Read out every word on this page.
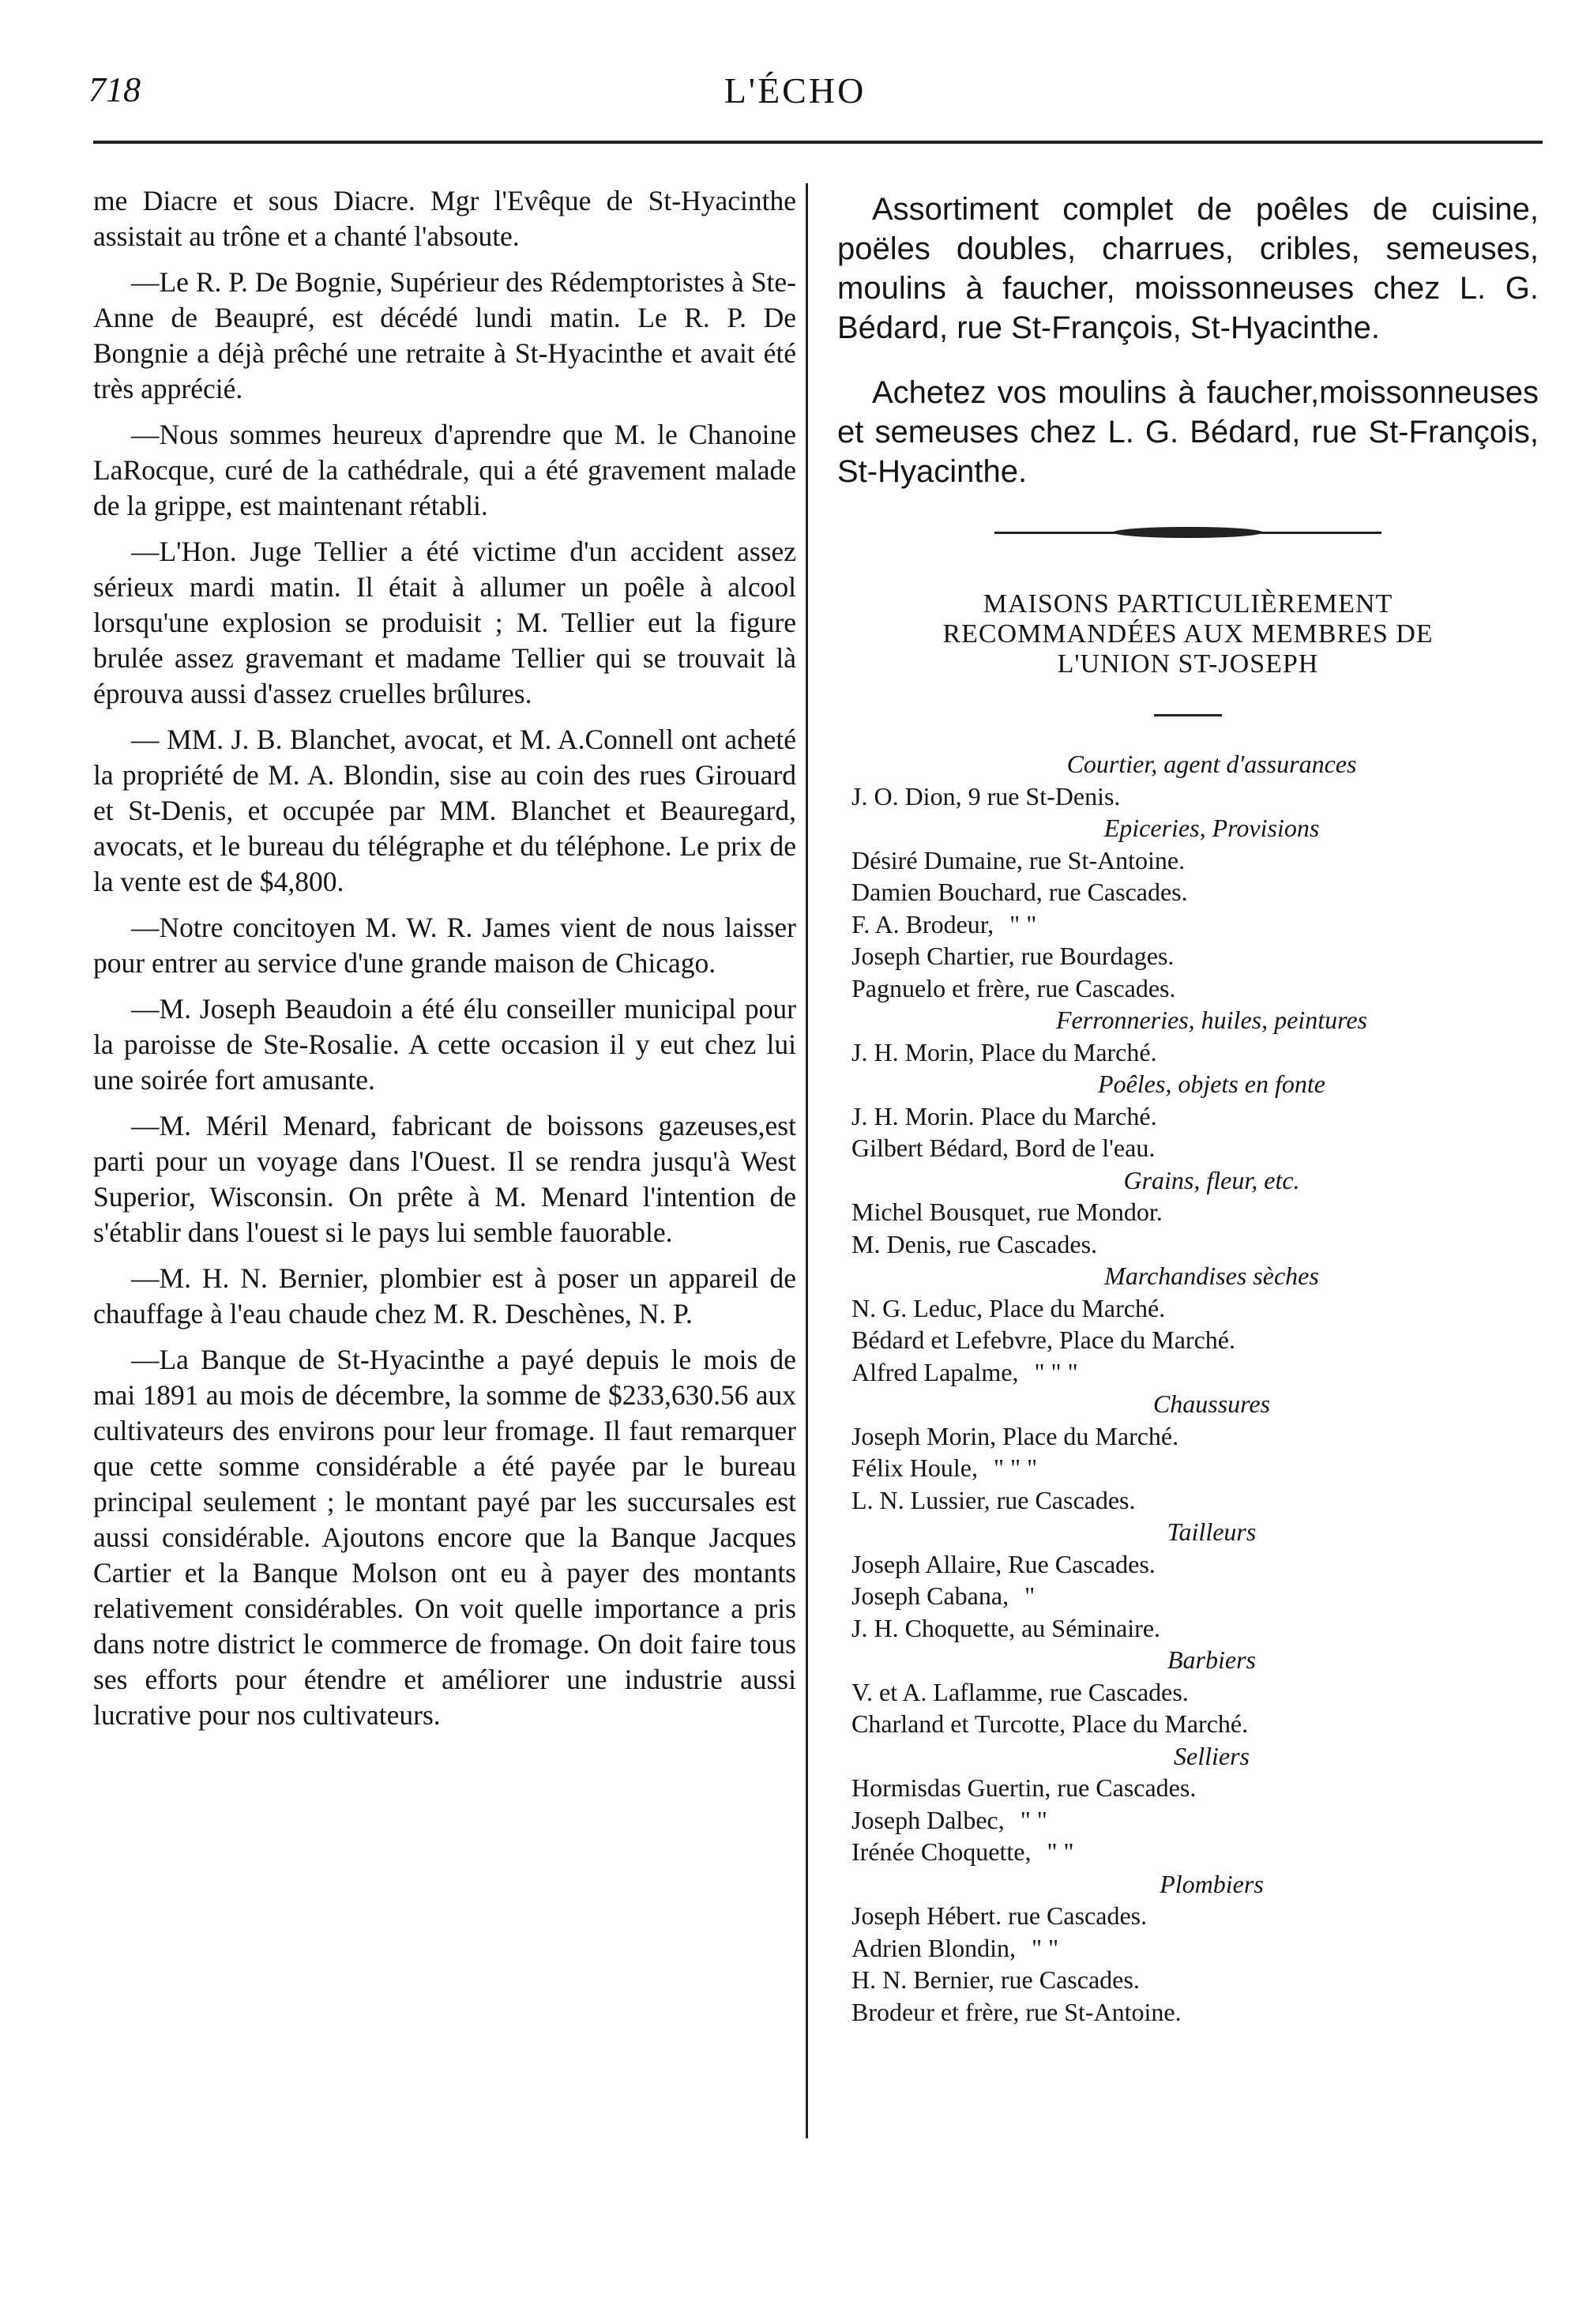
718	L'ÉCHO

me Diacre et sous Diacre. Mgr l'Evêque de St-Hyacinthe assistait au trône et a chanté l'absoute.

—Le R. P. De Bognie, Supérieur des Rédemptoristes à Ste-Anne de Beaupré, est décédé lundi matin. Le R. P. De Bongnie a déjà prêché une retraite à St-Hyacinthe et avait été très apprécié.

—Nous sommes heureux d'aprendre que M. le Chanoine LaRocque, curé de la cathédrale, qui a été gravement malade de la grippe, est maintenant rétabli.

—L'Hon. Juge Tellier a été victime d'un accident assez sérieux mardi matin. Il était à allumer un poêle à alcool lorsqu'une explosion se produisit ; M. Tellier eut la figure brulée assez gravemant et madame Tellier qui se trouvait là éprouva aussi d'assez cruelles brûlures.

— MM. J. B. Blanchet, avocat, et M. A.Connell ont acheté la propriété de M. A. Blondin, sise au coin des rues Girouard et St-Denis, et occupée par MM. Blanchet et Beauregard, avocats, et le bureau du télégraphe et du téléphone. Le prix de la vente est de $4,800.

—Notre concitoyen M. W. R. James vient de nous laisser pour entrer au service d'une grande maison de Chicago.

—M. Joseph Beaudoin a été élu conseiller municipal pour la paroisse de Ste-Rosalie. A cette occasion il y eut chez lui une soirée fort amusante.

—M. Méril Menard, fabricant de boissons gazeuses,est parti pour un voyage dans l'Ouest. Il se rendra jusqu'à West Superior, Wisconsin. On prête à M. Menard l'intention de s'établir dans l'ouest si le pays lui semble fauorable.

—M. H. N. Bernier, plombier est à poser un appareil de chauffage à l'eau chaude chez M. R. Deschènes, N. P.

—La Banque de St-Hyacinthe a payé depuis le mois de mai 1891 au mois de décembre, la somme de $233,630.56 aux cultivateurs des environs pour leur fromage. Il faut remarquer que cette somme considérable a été payée par le bureau principal seulement ; le montant payé par les succursales est aussi considérable. Ajoutons encore que la Banque Jacques Cartier et la Banque Molson ont eu à payer des montants relativement considérables. On voit quelle importance a pris dans notre district le commerce de fromage. On doit faire tous ses efforts pour étendre et améliorer une industrie aussi lucrative pour nos cultivateurs.

Assortiment complet de poêles de cuisine, poëles doubles, charrues, cribles, semeuses, moulins à faucher, moissonneuses chez L. G. Bédard, rue St-François, St-Hyacinthe.

Achetez vos moulins à faucher,moissonneuses et semeuses chez L. G. Bédard, rue St-François, St-Hyacinthe.

MAISONS PARTICULIÈREMENT
RECOMMANDÉES AUX MEMBRES DE
L'UNION ST-JOSEPH
Courtier, agent d'assurances
J. O. Dion, 9 rue St-Denis.
Epiceries, Provisions
Désiré Dumaine, rue St-Antoine.
Damien Bouchard, rue Cascades.
F. A. Brodeur, " "
Joseph Chartier, rue Bourdages.
Pagnuelo et frère, rue Cascades.
Ferronneries, huiles, peintures
J. H. Morin, Place du Marché.
Poêles, objets en fonte
J. H. Morin. Place du Marché.
Gilbert Bédard, Bord de l'eau.
Grains, fleur, etc.
Michel Bousquet, rue Mondor.
M. Denis, rue Cascades.
Marchandises sèches
N. G. Leduc, Place du Marché.
Bédard et Lefebvre, Place du Marché.
Alfred Lapalme, " " "
Chaussures
Joseph Morin, Place du Marché.
Félix Houle, " " "
L. N. Lussier, rue Cascades.
Tailleurs
Joseph Allaire, Rue Cascades.
Joseph Cabana, "
J. H. Choquette, au Séminaire.
Barbiers
V. et A. Laflamme, rue Cascades.
Charland et Turcotte, Place du Marché.
Selliers
Hormisdas Guertin, rue Cascades.
Joseph Dalbec, " "
Irénée Choquette, " "
Plombiers
Joseph Hébert. rue Cascades.
Adrien Blondin, " "
H. N. Bernier, rue Cascades.
Brodeur et frère, rue St-Antoine.
